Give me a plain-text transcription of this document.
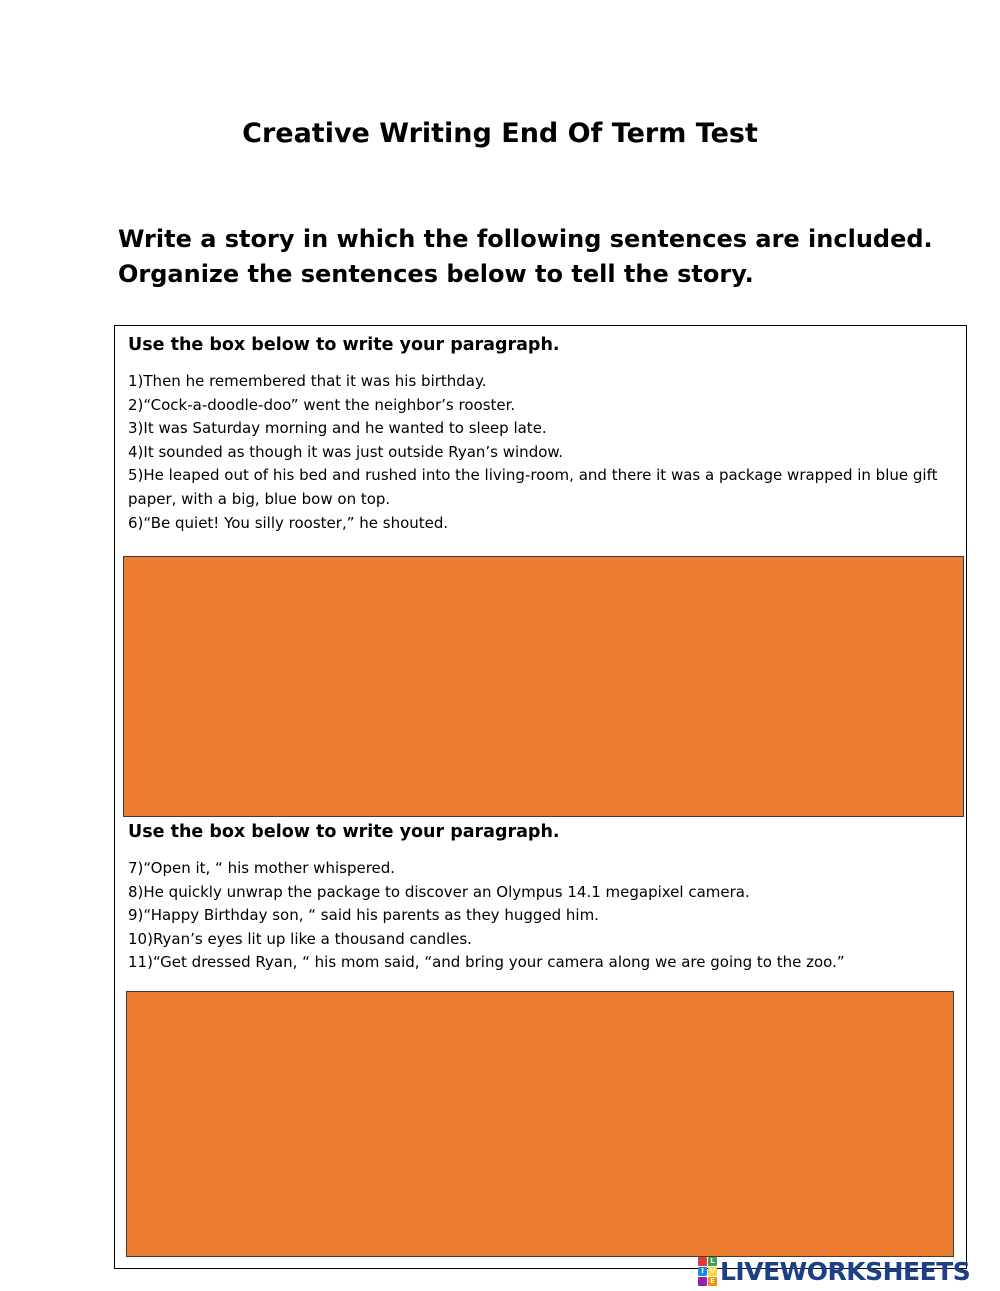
Creative Writing End Of Term Test
Write a story in which the following sentences are included.
Organize the sentences below to tell the story.
Use the box below to write your paragraph.
1)Then he remembered that it was his birthday.
2)“Cock-a-doodle-doo” went the neighbor’s rooster.
3)It was Saturday morning and he wanted to sleep late.
4)It sounded as though it was just outside Ryan’s window.
5)He leaped out of his bed and rushed into the living-room, and there it was a package wrapped in blue gift
paper, with a big, blue bow on top.
6)“Be quiet! You silly rooster,” he shouted.
Use the box below to write your paragraph.
7)“Open it, “ his mother whispered.
8)He quickly unwrap the package to discover an Olympus 14.1 megapixel camera.
9)“Happy Birthday son, “ said his parents as they hugged him.
10)Ryan’s eyes lit up like a thousand candles.
11)“Get dressed Ryan, “ his mom said, “and bring your camera along we are going to the zoo.”
L
I V
E LIVEWORKSHEETS
